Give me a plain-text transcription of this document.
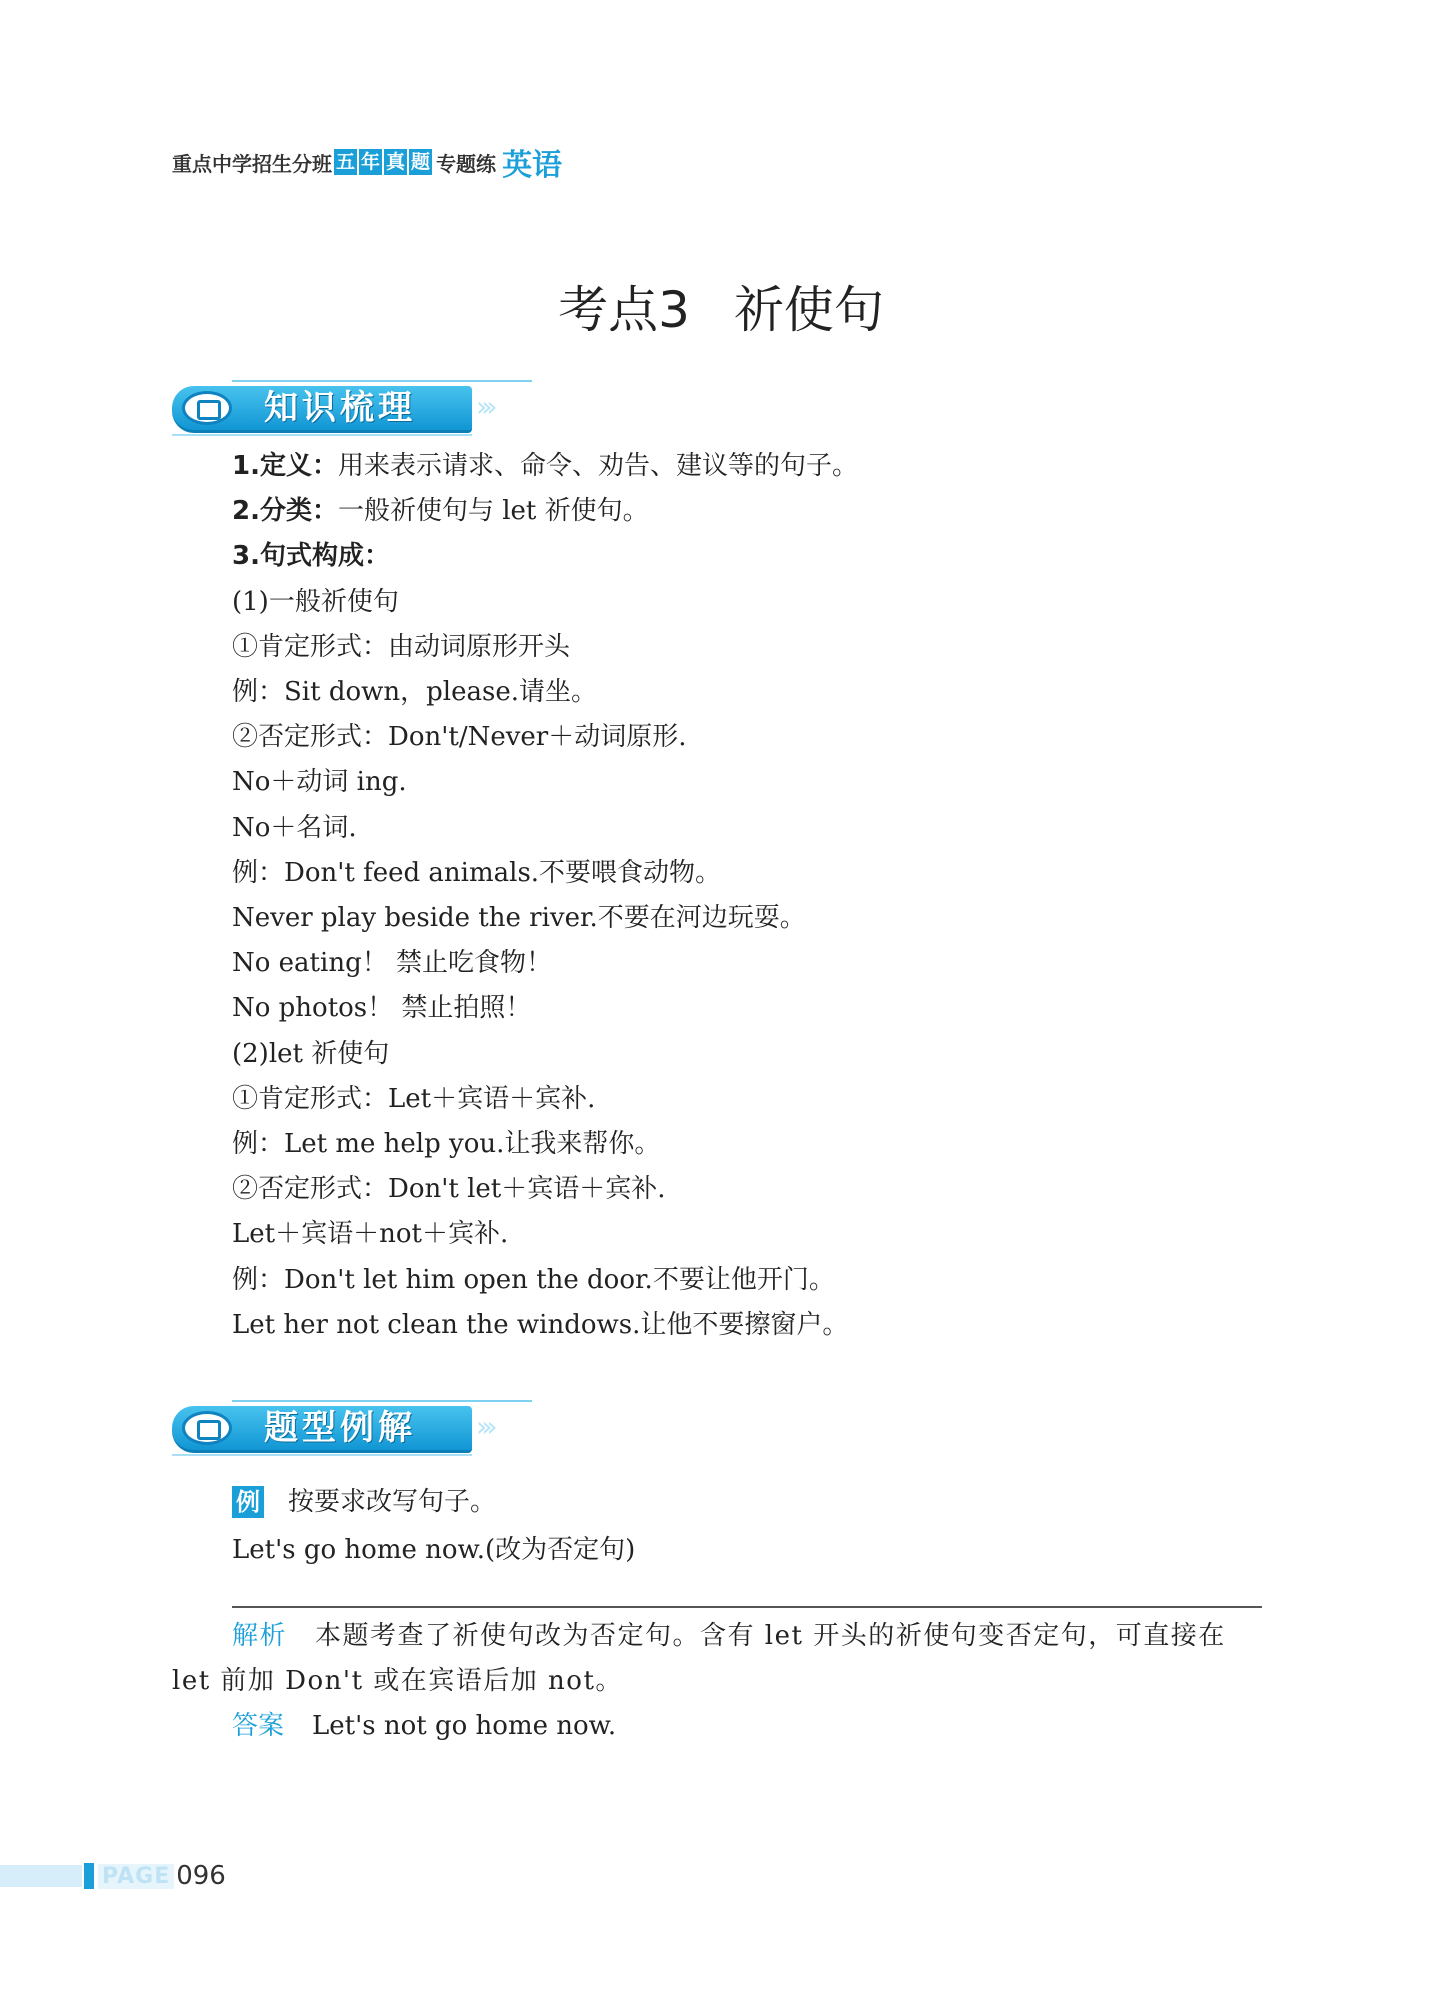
重点中学招生分班 五 年 真 题 专题练 英语
考点3 祈使句
知识梳理 ›››
1.定义：用来表示请求、命令、劝告、建议等的句子。
2.分类：一般祈使句与 let 祈使句。
3.句式构成：
(1)一般祈使句
①肯定形式：由动词原形开头
例：Sit down，please.请坐。
②否定形式：Don't/Never＋动词原形.
No＋动词 ing.
No＋名词.
例：Don't feed animals.不要喂食动物。
Never play beside the river.不要在河边玩耍。
No eating！ 禁止吃食物！
No photos！ 禁止拍照！
(2)let 祈使句
①肯定形式：Let＋宾语＋宾补.
例：Let me help you.让我来帮你。
②否定形式：Don't let＋宾语＋宾补.
Let＋宾语＋not＋宾补.
例：Don't let him open the door.不要让他开门。
Let her not clean the windows.让他不要擦窗户。
题型例解 ›››
例 按要求改写句子。
Let's go home now.(改为否定句)
解析 本题考查了祈使句改为否定句。含有 let 开头的祈使句变否定句，可直接在
let 前加 Don't 或在宾语后加 not。
答案 Let's not go home now.
PAGE 096
